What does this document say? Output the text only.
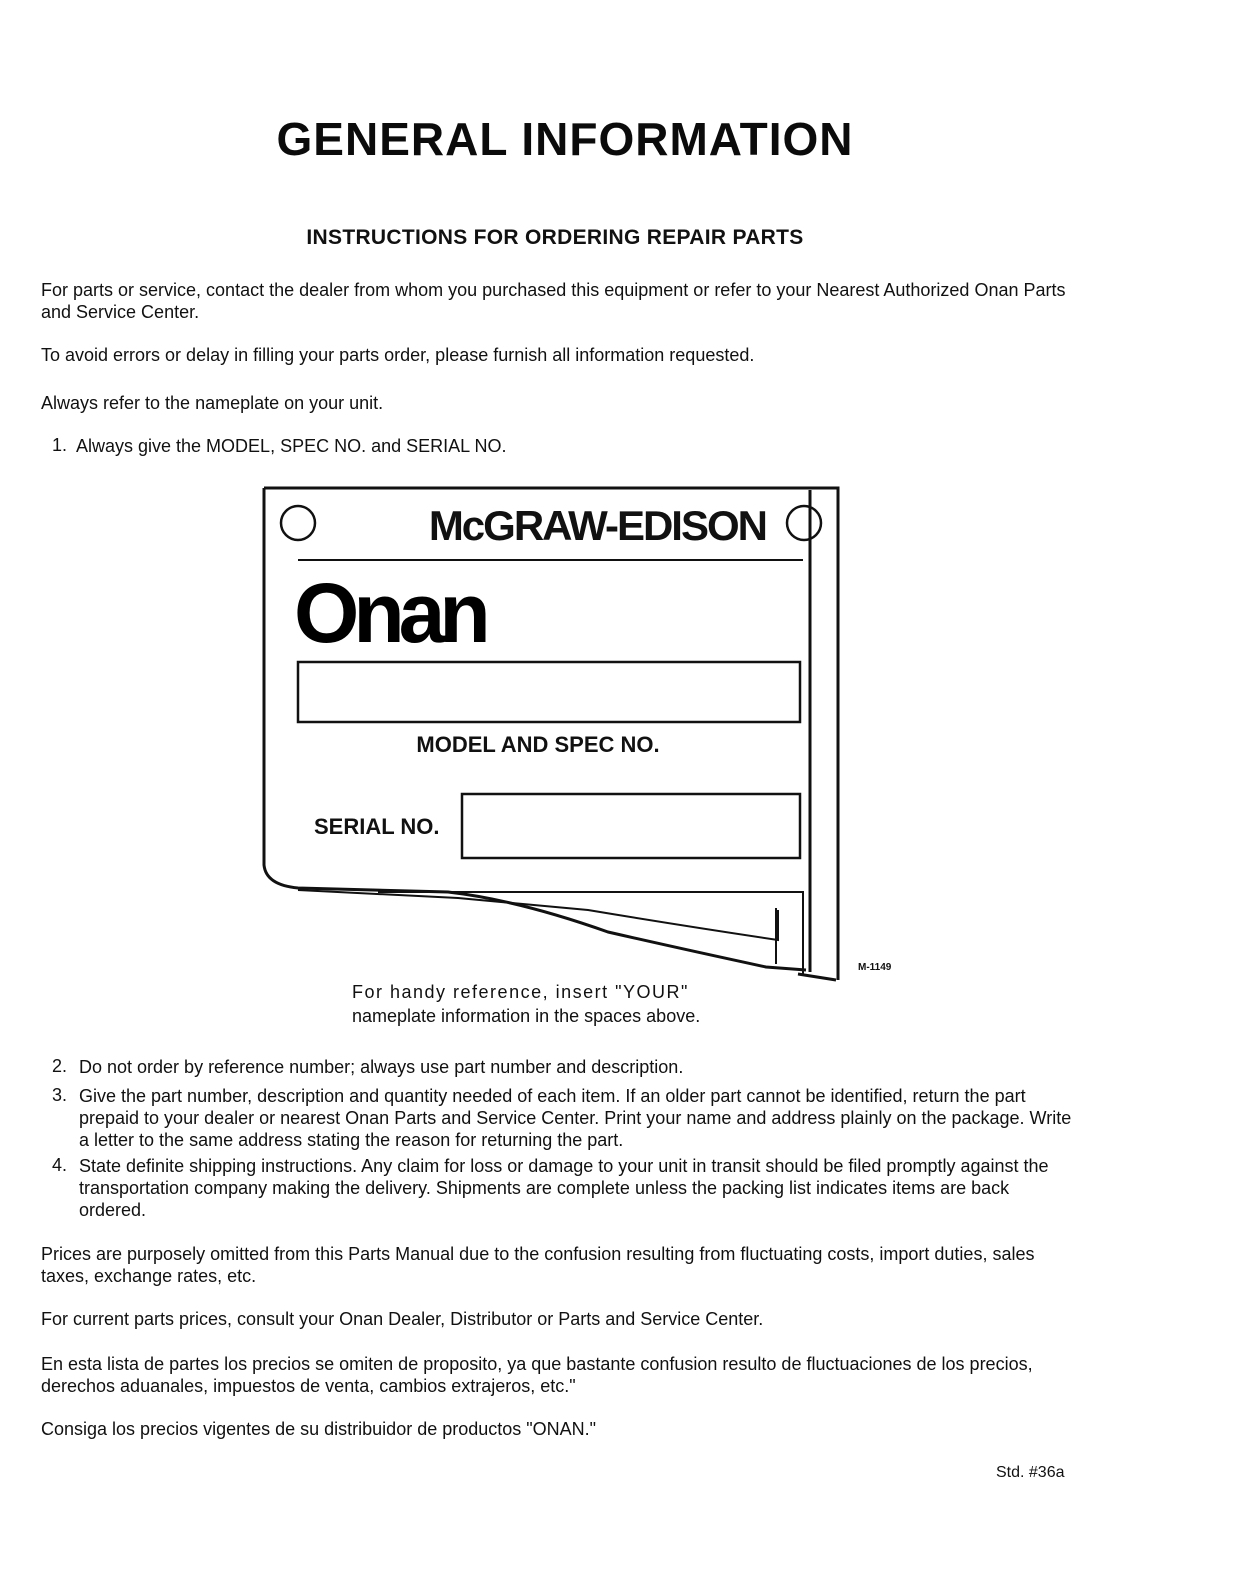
GENERAL INFORMATION
INSTRUCTIONS FOR ORDERING REPAIR PARTS
For parts or service, contact the dealer from whom you purchased this equipment or refer to your Nearest Authorized Onan Parts and Service Center.
To avoid errors or delay in filling your parts order, please furnish all information requested.
Always refer to the nameplate on your unit.
1. Always give the MODEL, SPEC NO. and SERIAL NO.
McGRAW-EDISON
Onan
MODEL AND SPEC NO.
SERIAL NO.
M-1149
For handy reference, insert "YOUR"
nameplate information in the spaces above.
2. Do not order by reference number; always use part number and description.
3. Give the part number, description and quantity needed of each item. If an older part cannot be identified, return the part prepaid to your dealer or nearest Onan Parts and Service Center. Print your name and address plainly on the package. Write a letter to the same address stating the reason for returning the part.
4. State definite shipping instructions. Any claim for loss or damage to your unit in transit should be filed promptly against the transportation company making the delivery. Shipments are complete unless the packing list indicates items are back ordered.
Prices are purposely omitted from this Parts Manual due to the confusion resulting from fluctuating costs, import duties, sales taxes, exchange rates, etc.
For current parts prices, consult your Onan Dealer, Distributor or Parts and Service Center.
En esta lista de partes los precios se omiten de proposito, ya que bastante confusion resulto de fluctuaciones de los precios, derechos aduanales, impuestos de venta, cambios extrajeros, etc."
Consiga los precios vigentes de su distribuidor de productos "ONAN."
Std. #36a
